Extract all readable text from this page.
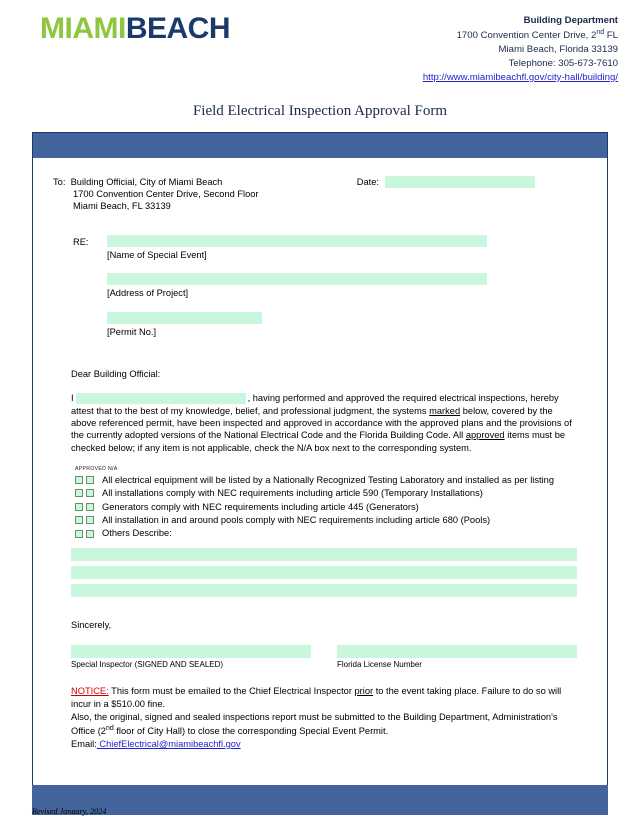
MIAMIBEACH	Building Department
1700 Convention Center Drive, 2nd FL
Miami Beach, Florida 33139
Telephone: 305-673-7610
http://www.miamibeachfl.gov/city-hall/building/
Field Electrical Inspection Approval Form
To: Building Official, City of Miami Beach
1700 Convention Center Drive, Second Floor
Miami Beach, FL 33139
Date:
RE:
[Name of Special Event]
[Address of Project]
[Permit No.]
Dear Building Official:
I	, having performed and approved the required electrical inspections, hereby attest that to the best of my knowledge, belief, and professional judgment, the systems marked below, covered by the above referenced permit, have been inspected and approved in accordance with the approved plans and the provisions of the currently adopted versions of the National Electrical Code and the Florida Building Code. All approved items must be checked below; if any item is not applicable, check the N/A box next to the corresponding system.
APPROVED N/A
All electrical equipment will be listed by a Nationally Recognized Testing Laboratory and installed as per listing
All installations comply with NEC requirements including article 590 (Temporary Installations)
Generators comply with NEC requirements including article 445 (Generators)
All installation in and around pools comply with NEC requirements including article 680 (Pools)
Others Describe:
Sincerely,
Special Inspector (SIGNED AND SEALED)	Florida License Number
NOTICE: This form must be emailed to the Chief Electrical Inspector prior to the event taking place. Failure to do so will incur in a $510.00 fine.
Also, the original, signed and sealed inspections report must be submitted to the Building Department, Administration's Office (2nd floor of City Hall) to close the corresponding Special Event Permit.
Email: ChiefElectrical@miamibeachfl.gov
Revised January, 2024
